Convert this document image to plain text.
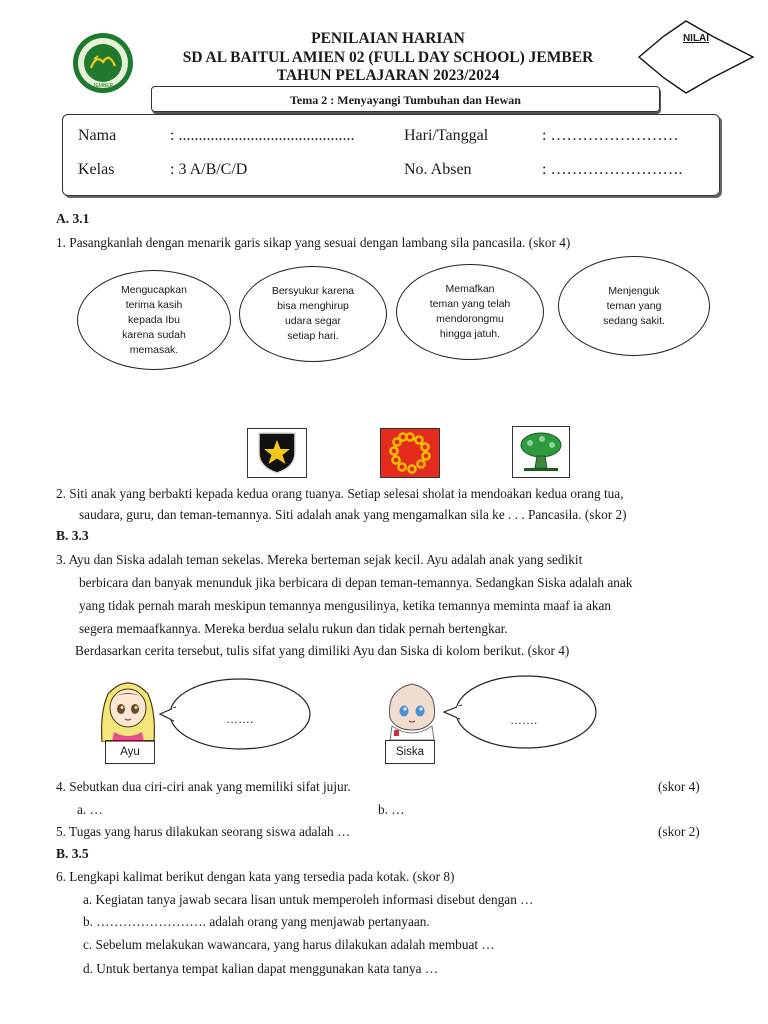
JEMBER
PENILAIAN HARIAN
SD AL BAITUL AMIEN 02 (FULL DAY SCHOOL) JEMBER
TAHUN PELAJARAN 2023/2024
NILAI
Tema 2 : Menyayangi Tumbuhan dan Hewan
Nama	: ............................................	Hari/Tanggal	: ……………………
Kelas	: 3 A/B/C/D	No. Absen	: …………………….
A. 3.1
1. Pasangkanlah dengan menarik garis sikap yang sesuai dengan lambang sila pancasila. (skor 4)
Mengucapkan
terima kasih
kepada Ibu
karena sudah
memasak.
Bersyukur karena
bisa menghirup
udara segar
setiap hari.
Memafkan
teman yang telah
mendorongmu
hingga jatuh.
Menjenguk
teman yang
sedang sakit.
2. Siti anak yang berbakti kepada kedua orang tuanya. Setiap selesai sholat ia mendoakan kedua orang tua,
saudara, guru, dan teman-temannya. Siti adalah anak yang mengamalkan sila ke . . . Pancasila. (skor 2)
B. 3.3
3. Ayu dan Siska adalah teman sekelas. Mereka berteman sejak kecil. Ayu adalah anak yang sedikit
berbicara dan banyak menunduk jika berbicara di depan teman-temannya. Sedangkan Siska adalah anak
yang tidak pernah marah meskipun temannya mengusilinya, ketika temannya meminta maaf ia akan
segera memaafkannya. Mereka berdua selalu rukun dan tidak pernah bertengkar.
Berdasarkan cerita tersebut, tulis sifat yang dimiliki Ayu dan Siska di kolom berikut. (skor 4)
…….
Ayu
…….
Siska
4. Sebutkan dua ciri-ciri anak yang memiliki sifat jujur.	(skor 4)
a. …	b. …
5. Tugas yang harus dilakukan seorang siswa adalah …	(skor 2)
B. 3.5
6. Lengkapi kalimat berikut dengan kata yang tersedia pada kotak. (skor 8)
a. Kegiatan tanya jawab secara lisan untuk memperoleh informasi disebut dengan …
b. ……………………. adalah orang yang menjawab pertanyaan.
c. Sebelum melakukan wawancara, yang harus dilakukan adalah membuat …
d. Untuk bertanya tempat kalian dapat menggunakan kata tanya …
